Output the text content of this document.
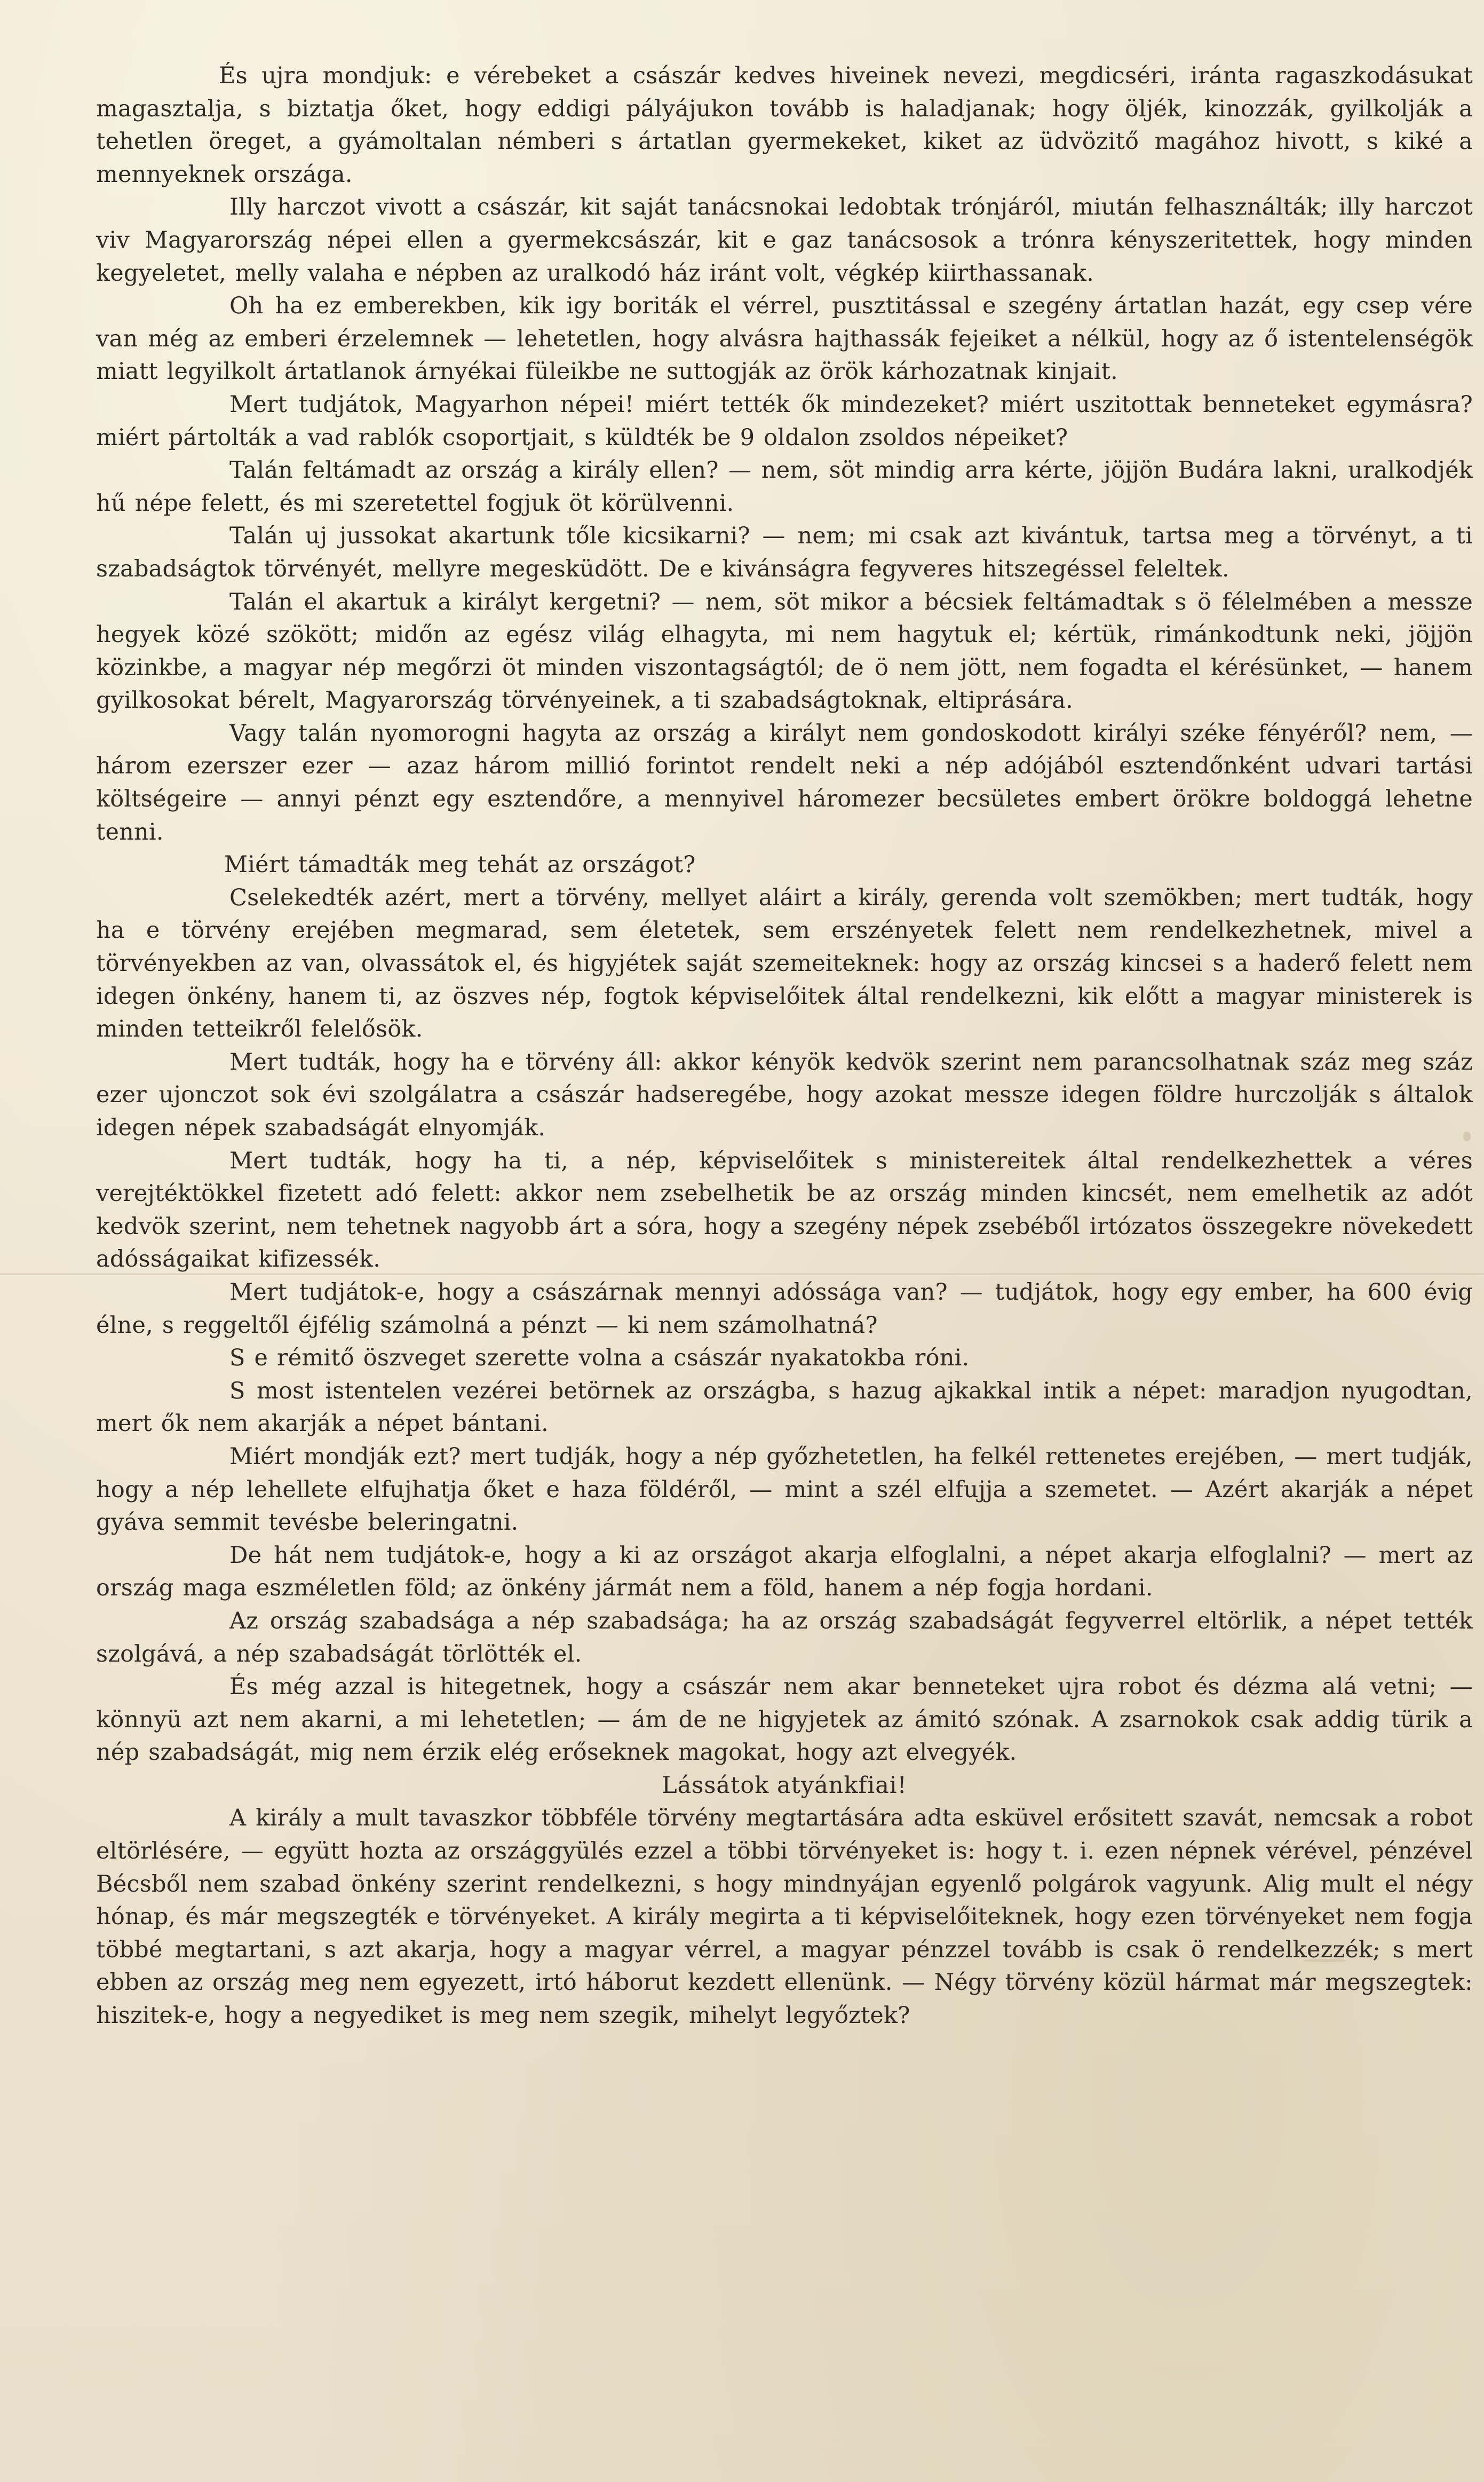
És ujra mondjuk: e vérebeket a császár kedves hiveinek nevezi, megdicséri, iránta ragaszkodásukat magasztalja, s biztatja őket, hogy eddigi pályájukon tovább is haladjanak; hogy öljék, kinozzák, gyilkolják a tehetlen öreget, a gyámoltalan némberi s ártatlan gyermekeket, kiket az üdvözitő magához hivott, s kiké a mennyeknek országa.

Illy harczot vivott a császár, kit saját tanácsnokai ledobtak trónjáról, miután felhasználták; illy harczot viv Magyarország népei ellen a gyermekcsászár, kit e gaz tanácsosok a trónra kényszeritettek, hogy minden kegyeletet, melly valaha e népben az uralkodó ház iránt volt, végkép kiirthassanak.

Oh ha ez emberekben, kik igy boriták el vérrel, pusztitással e szegény ártatlan hazát, egy csep vére van még az emberi érzelemnek — lehetetlen, hogy alvásra hajthassák fejeiket a nélkül, hogy az ő istentelenségök miatt legyilkolt ártatlanok árnyékai füleikbe ne suttogják az örök kárhozatnak kinjait.

Mert tudjátok, Magyarhon népei! miért tették ők mindezeket? miért uszitottak benneteket egymásra? miért pártolták a vad rablók csoportjait, s küldték be 9 oldalon zsoldos népeiket?

Talán feltámadt az ország a király ellen? — nem, söt mindig arra kérte, jöjjön Budára lakni, uralkodjék hű népe felett, és mi szeretettel fogjuk öt körülvenni.

Talán uj jussokat akartunk tőle kicsikarni? — nem; mi csak azt kivántuk, tartsa meg a törvényt, a ti szabadságtok törvényét, mellyre megesküdött. De e kivánságra fegyveres hitszegéssel feleltek.

Talán el akartuk a királyt kergetni? — nem, söt mikor a bécsiek feltámadtak s ö félelmében a messze hegyek közé szökött; midőn az egész világ elhagyta, mi nem hagytuk el; kértük, rimánkodtunk neki, jöjjön közinkbe, a magyar nép megőrzi öt minden viszontagságtól; de ö nem jött, nem fogadta el kérésünket, — hanem gyilkosokat bérelt, Magyarország törvényeinek, a ti szabadságtoknak, eltiprására.

Vagy talán nyomorogni hagyta az ország a királyt nem gondoskodott királyi széke fényéről? nem, — három ezerszer ezer — azaz három millió forintot rendelt neki a nép adójából esztendőnként udvari tartási költségeire — annyi pénzt egy esztendőre, a mennyivel háromezer becsületes embert örökre boldoggá lehetne tenni.

Miért támadták meg tehát az országot?

Cselekedték azért, mert a törvény, mellyet aláirt a király, gerenda volt szemökben; mert tudták, hogy ha e törvény erejében megmarad, sem életetek, sem erszényetek felett nem rendelkezhetnek, mivel a törvényekben az van, olvassátok el, és higyjétek saját szemeiteknek: hogy az ország kincsei s a haderő felett nem idegen önkény, hanem ti, az öszves nép, fogtok képviselőitek által rendelkezni, kik előtt a magyar ministerek is minden tetteikről felelősök.

Mert tudták, hogy ha e törvény áll: akkor kényök kedvök szerint nem parancsolhatnak száz meg száz ezer ujonczot sok évi szolgálatra a császár hadseregébe, hogy azokat messze idegen földre hurczolják s általok idegen népek szabadságát elnyomják.

Mert tudták, hogy ha ti, a nép, képviselőitek s ministereitek által rendelkezhettek a véres verejtéktökkel fizetett adó felett: akkor nem zsebelhetik be az ország minden kincsét, nem emelhetik az adót kedvök szerint, nem tehetnek nagyobb árt a sóra, hogy a szegény népek zsebéből irtózatos összegekre növekedett adósságaikat kifizessék.

Mert tudjátok-e, hogy a császárnak mennyi adóssága van? — tudjátok, hogy egy ember, ha 600 évig élne, s reggeltől éjfélig számolná a pénzt — ki nem számolhatná?

S e rémitő öszveget szerette volna a császár nyakatokba róni.

S most istentelen vezérei betörnek az országba, s hazug ajkakkal intik a népet: maradjon nyugodtan, mert ők nem akarják a népet bántani.

Miért mondják ezt? mert tudják, hogy a nép győzhetetlen, ha felkél rettenetes erejében, — mert tudják, hogy a nép lehellete elfujhatja őket e haza földéről, — mint a szél elfujja a szemetet. — Azért akarják a népet gyáva semmit tevésbe beleringatni.

De hát nem tudjátok-e, hogy a ki az országot akarja elfoglalni, a népet akarja elfoglalni? — mert az ország maga eszméletlen föld; az önkény jármát nem a föld, hanem a nép fogja hordani.

Az ország szabadsága a nép szabadsága; ha az ország szabadságát fegyverrel eltörlik, a népet tették szolgává, a nép szabadságát törlötték el.

És még azzal is hitegetnek, hogy a császár nem akar benneteket ujra robot és dézma alá vetni; — könnyü azt nem akarni, a mi lehetetlen; — ám de ne higyjetek az ámitó szónak. A zsarnokok csak addig türik a nép szabadságát, mig nem érzik elég erőseknek magokat, hogy azt elvegyék.

Lássátok atyánkfiai!

A király a mult tavaszkor többféle törvény megtartására adta esküvel erősitett szavát, nemcsak a robot eltörlésére, — együtt hozta az országgyülés ezzel a többi törvényeket is: hogy t. i. ezen népnek vérével, pénzével Bécsből nem szabad önkény szerint rendelkezni, s hogy mindnyájan egyenlő polgárok vagyunk. Alig mult el négy hónap, és már megszegték e törvényeket. A király megirta a ti képviselőiteknek, hogy ezen törvényeket nem fogja többé megtartani, s azt akarja, hogy a magyar vérrel, a magyar pénzzel tovább is csak ö rendelkezzék; s mert ebben az ország meg nem egyezett, irtó háborut kezdett ellenünk. — Négy törvény közül hármat már megszegtek: hiszitek-e, hogy a negyediket is meg nem szegik, mihelyt legyőztek?
